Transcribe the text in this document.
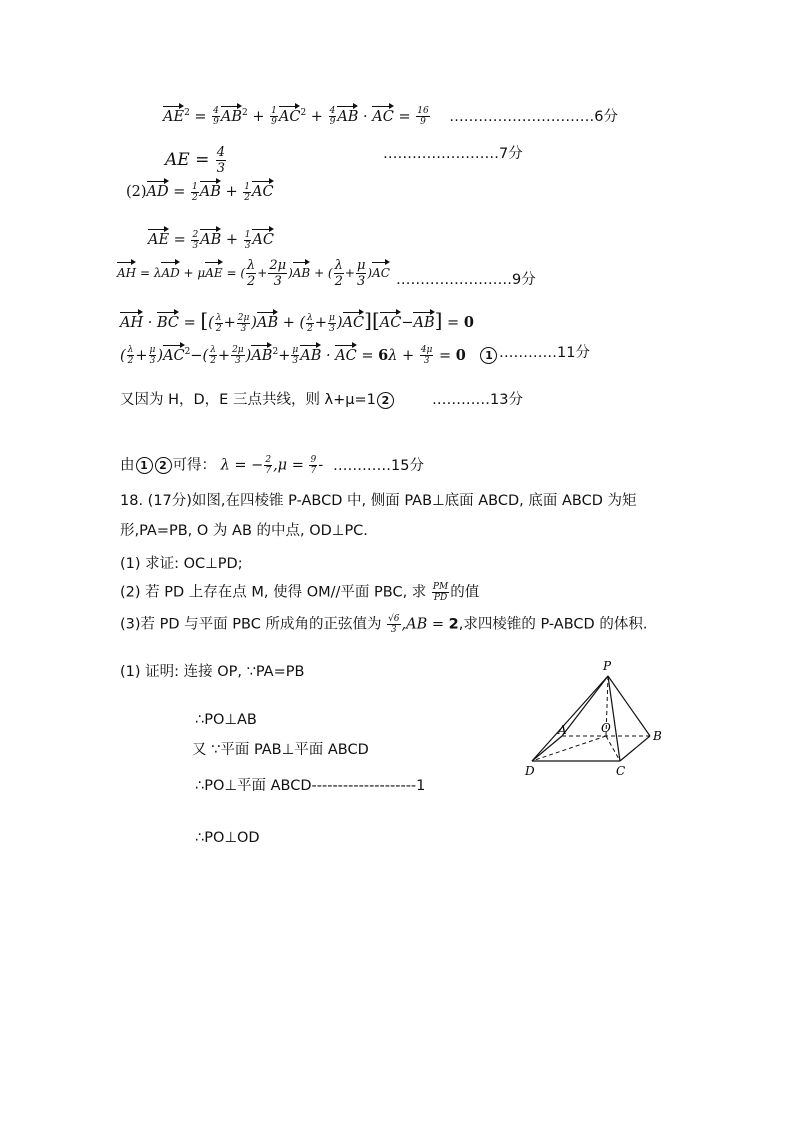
$AE^2 = \frac{4}{9} AB^2 + \frac{1}{9} AC^2 + \frac{4}{9}$ AB · AC = $\frac{16}{9}$ …………………………6分
AE = $\frac{4}{3}$	……………………7分
$(2)AD = \frac{1}{2}$ AB + $\frac{1}{2}$ AC
AE = $\frac{2}{3}$ AB + $\frac{1}{3}$ AC
AH = λAD + μAE = ( $\frac{\lambda}{2} + \frac{2\mu}{3} )AB$ + ( $\frac{\lambda}{2} + \frac{\mu}{3} )AC$ ……………………9分
AH · BC = [( $\frac{\lambda}{2} + \frac{2\mu}{3} )AB$ + ( $\frac{\lambda}{2} + \frac{\mu}{3} )AC][AC-AB] = 0$
( $\frac{\lambda}{2} + \frac{\mu}{3} )AC^2-( \frac{\lambda}{2} + \frac{2\mu}{3} )AB^2+ \frac{\mu}{3}$ AB · AC = $6\lambda + \frac{4\mu}{3} = 0$ 1 …………11分
又因为 H，D，E 三点共线，则 λ+μ=1 2	…………13分
由 1 2 可得： λ = − $\frac{2}{7} ,\mu = \frac{9}{7}$ - …………15分
18. (17分)如图,在四棱锥 P-ABCD 中, 侧面 PAB⊥底面 ABCD, 底面 ABCD 为矩
形,PA=PB, O 为 AB 的中点, OD⊥PC.
(1) 求证: OC⊥PD;
(2) 若 PD 上存在点 M, 使得 OM//平面 PBC, 求 $\frac{PM}{PD}$ 的值
(3)若 PD 与平面 PBC 所成角的正弦值为 $\frac{√6}{3} ,AB = 2$,求四棱锥的 P-ABCD 的体积.
(1) 证明: 连接 OP, ∵PA=PB
∴PO⊥AB
又 ∵平面 PAB⊥平面 ABCD
∴PO⊥平面 ABCD--------------------1
∴PO⊥OD
P
A	O
B
D	C
